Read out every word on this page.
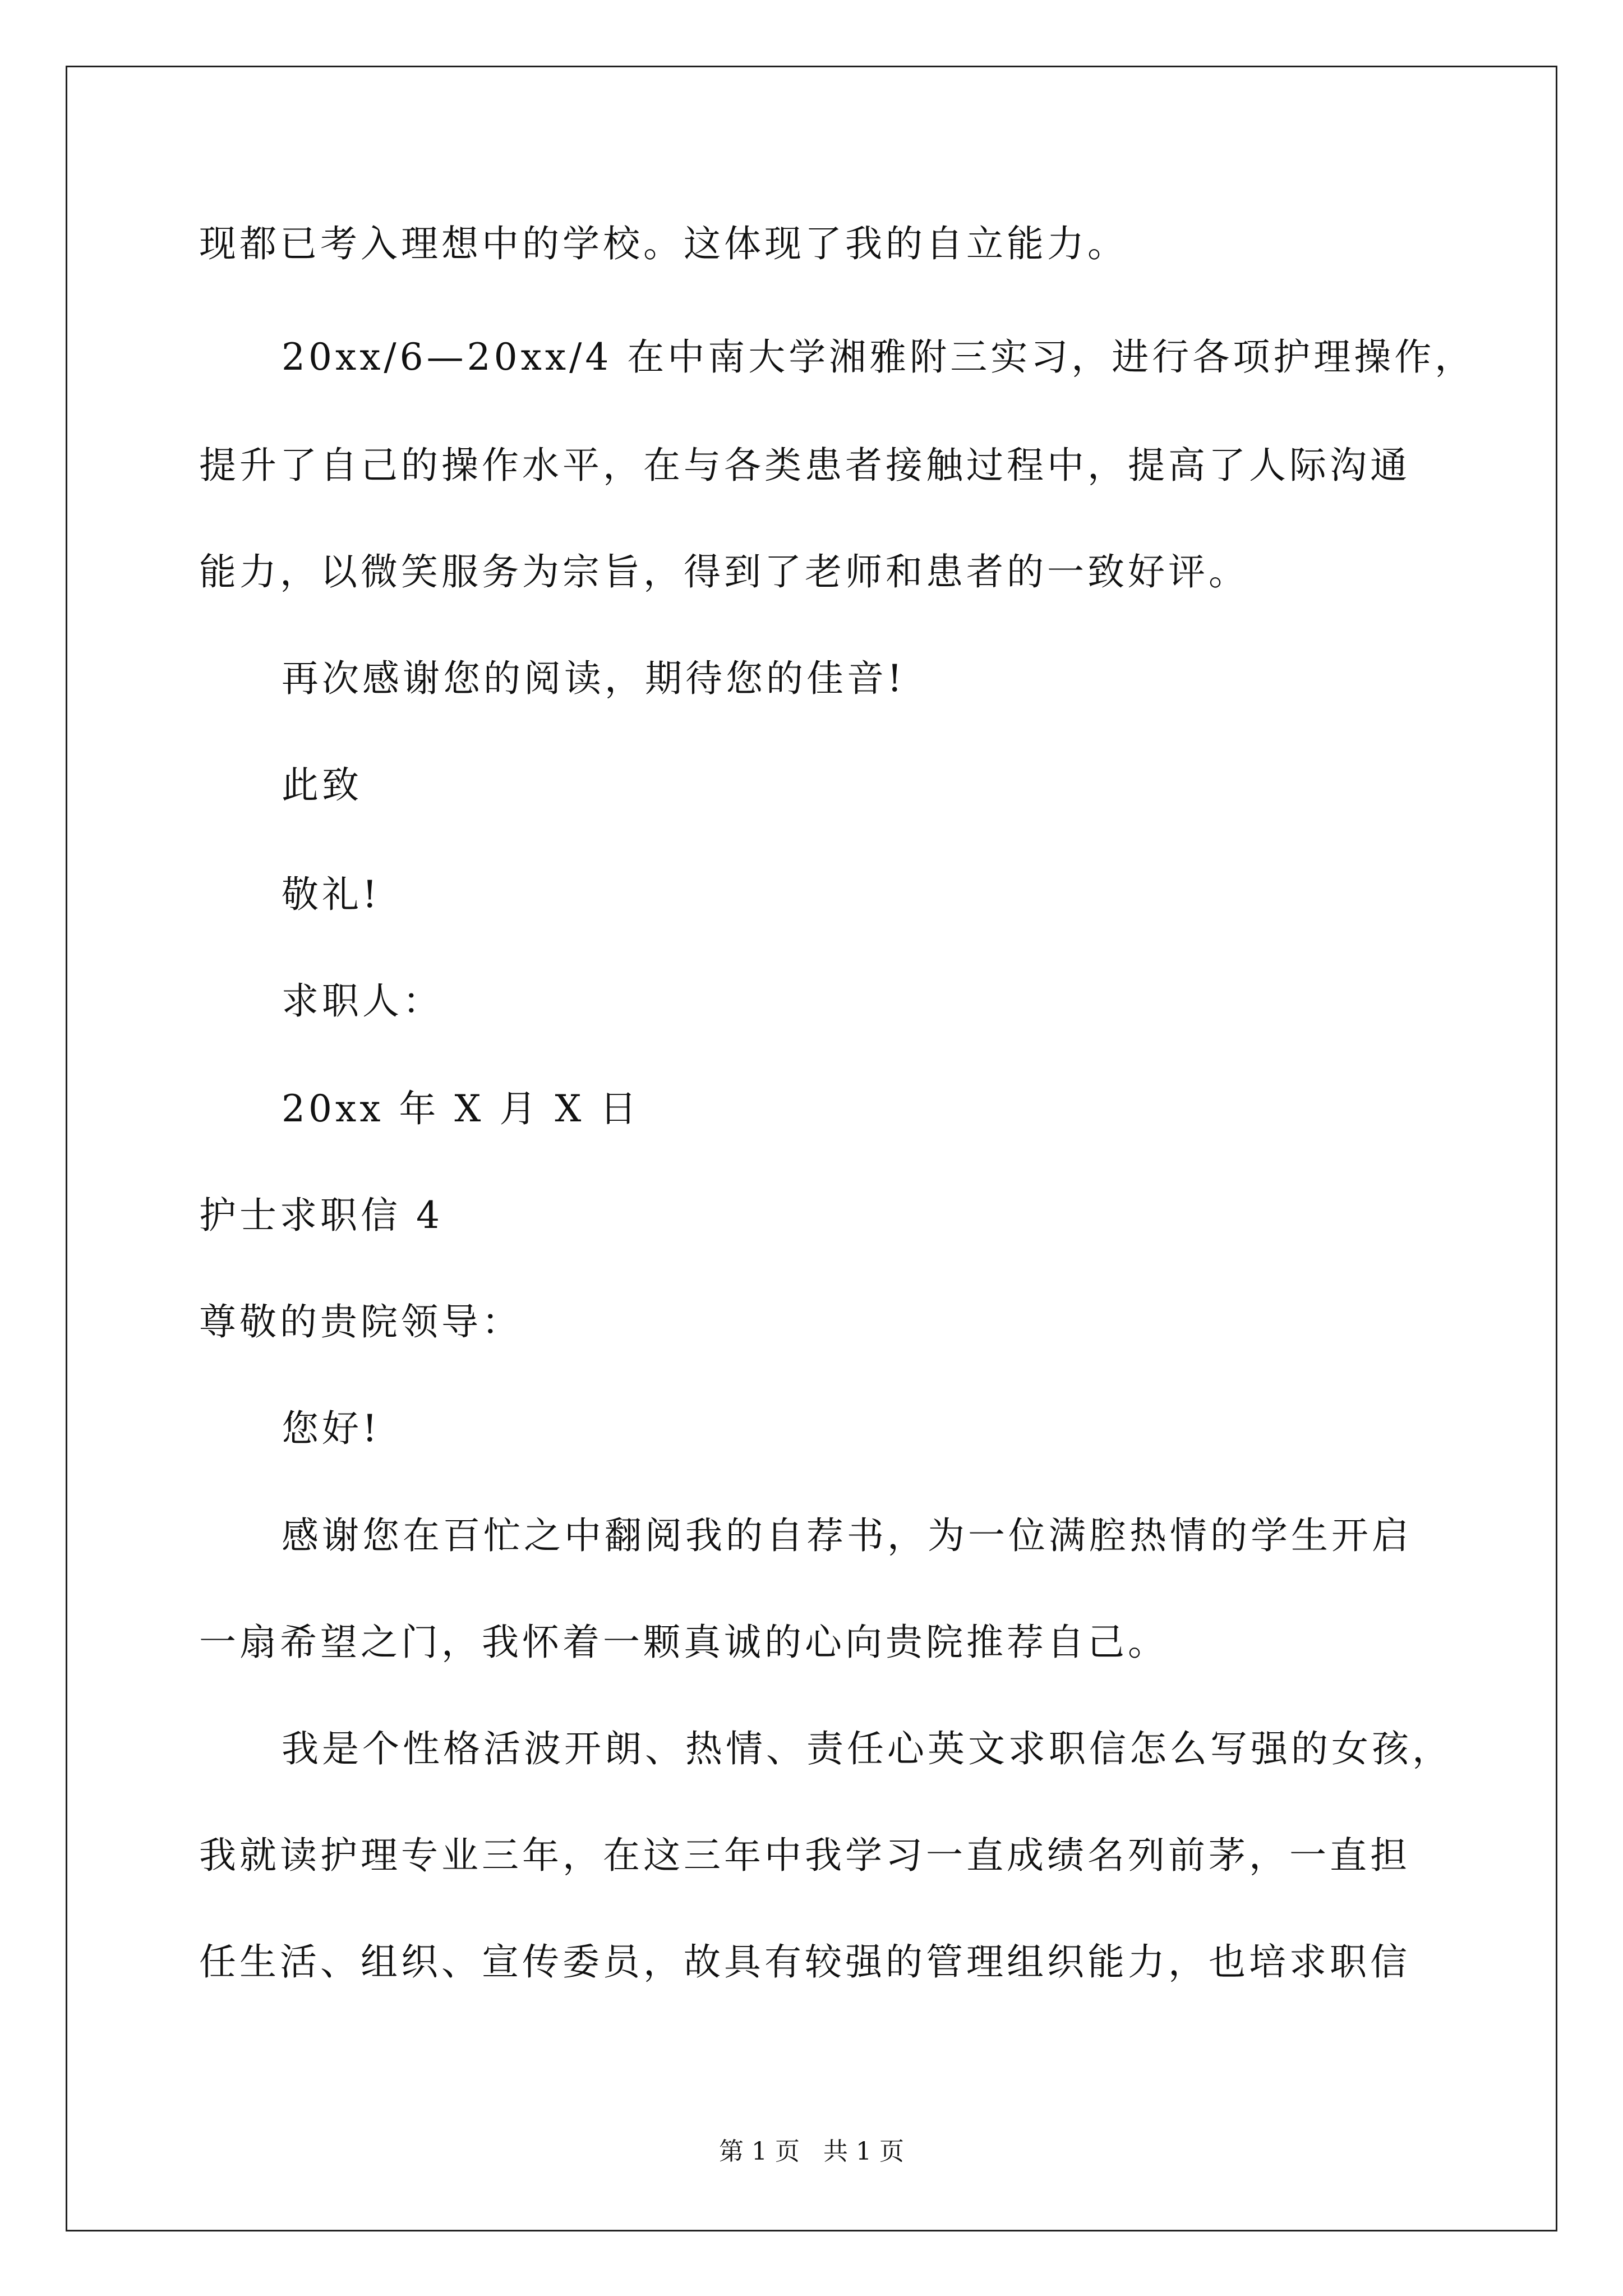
现都已考入理想中的学校。这体现了我的自立能力。
20xx/6—20xx/4 在中南大学湘雅附三实习，进行各项护理操作，
提升了自己的操作水平，在与各类患者接触过程中，提高了人际沟通
能力，以微笑服务为宗旨，得到了老师和患者的一致好评。
再次感谢您的阅读，期待您的佳音!
此致
敬礼!
求职人：
20xx 年 X 月 X 日
护士求职信 4
尊敬的贵院领导：
您好!
感谢您在百忙之中翻阅我的自荐书，为一位满腔热情的学生开启
一扇希望之门，我怀着一颗真诚的心向贵院推荐自己。
我是个性格活波开朗、热情、责任心英文求职信怎么写强的女孩，
我就读护理专业三年，在这三年中我学习一直成绩名列前茅，一直担
任生活、组织、宣传委员，故具有较强的管理组织能力，也培求职信
第 1 页   共 1 页
